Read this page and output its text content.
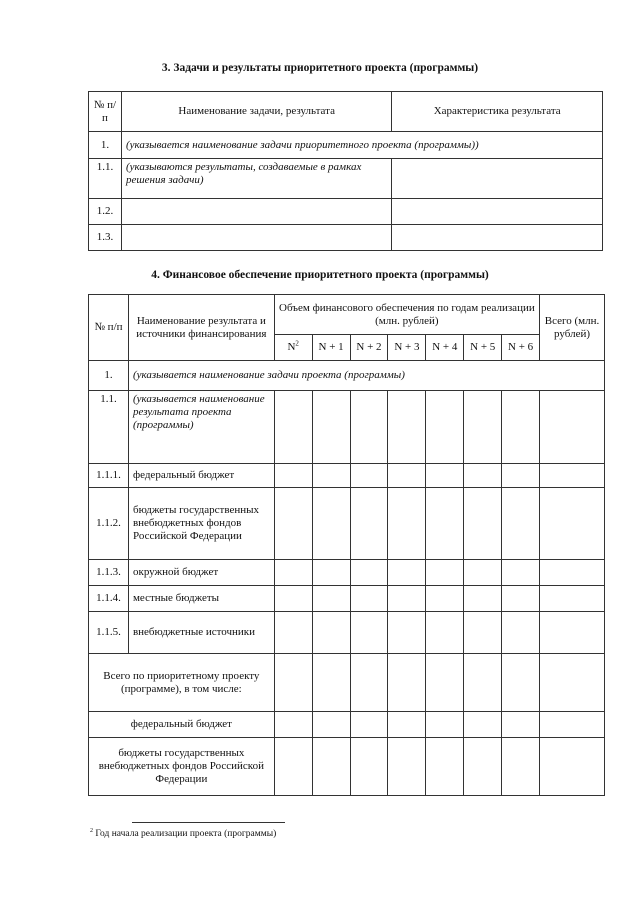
3. Задачи и результаты приоритетного проекта (программы)
№ п/п	Наименование задачи, результата	Характеристика результата
1.	(указывается наименование задачи приоритетного проекта (программы))	
1.1.	(указываются результаты, создаваемые в рамках решения задачи)	
1.2.		
1.3.		
4. Финансовое обеспечение приоритетного проекта (программы)
№ п/п	Наименование результата и источники финансирования	Объем финансового обеспечения по годам реализации (млн. рублей)							Всего (млн. рублей)
		$N^2$	N + 1	N + 2	N + 3	N + 4	N + 5	N + 6	
1.	(указывается наименование задачи проекта (программы)								
1.1.	(указывается наименование результата проекта (программы)								
1.1.1.	федеральный бюджет								
1.1.2.	бюджеты государственных внебюджетных фондов Российской Федерации								
1.1.3.	окружной бюджет								
1.1.4.	местные бюджеты								
1.1.5.	внебюджетные источники								
Всего по приоритетному проекту (программе), в том числе:									
федеральный бюджет									
бюджеты государственных внебюджетных фондов Российской Федерации									
$^2$ Год начала реализации проекта (программы)
